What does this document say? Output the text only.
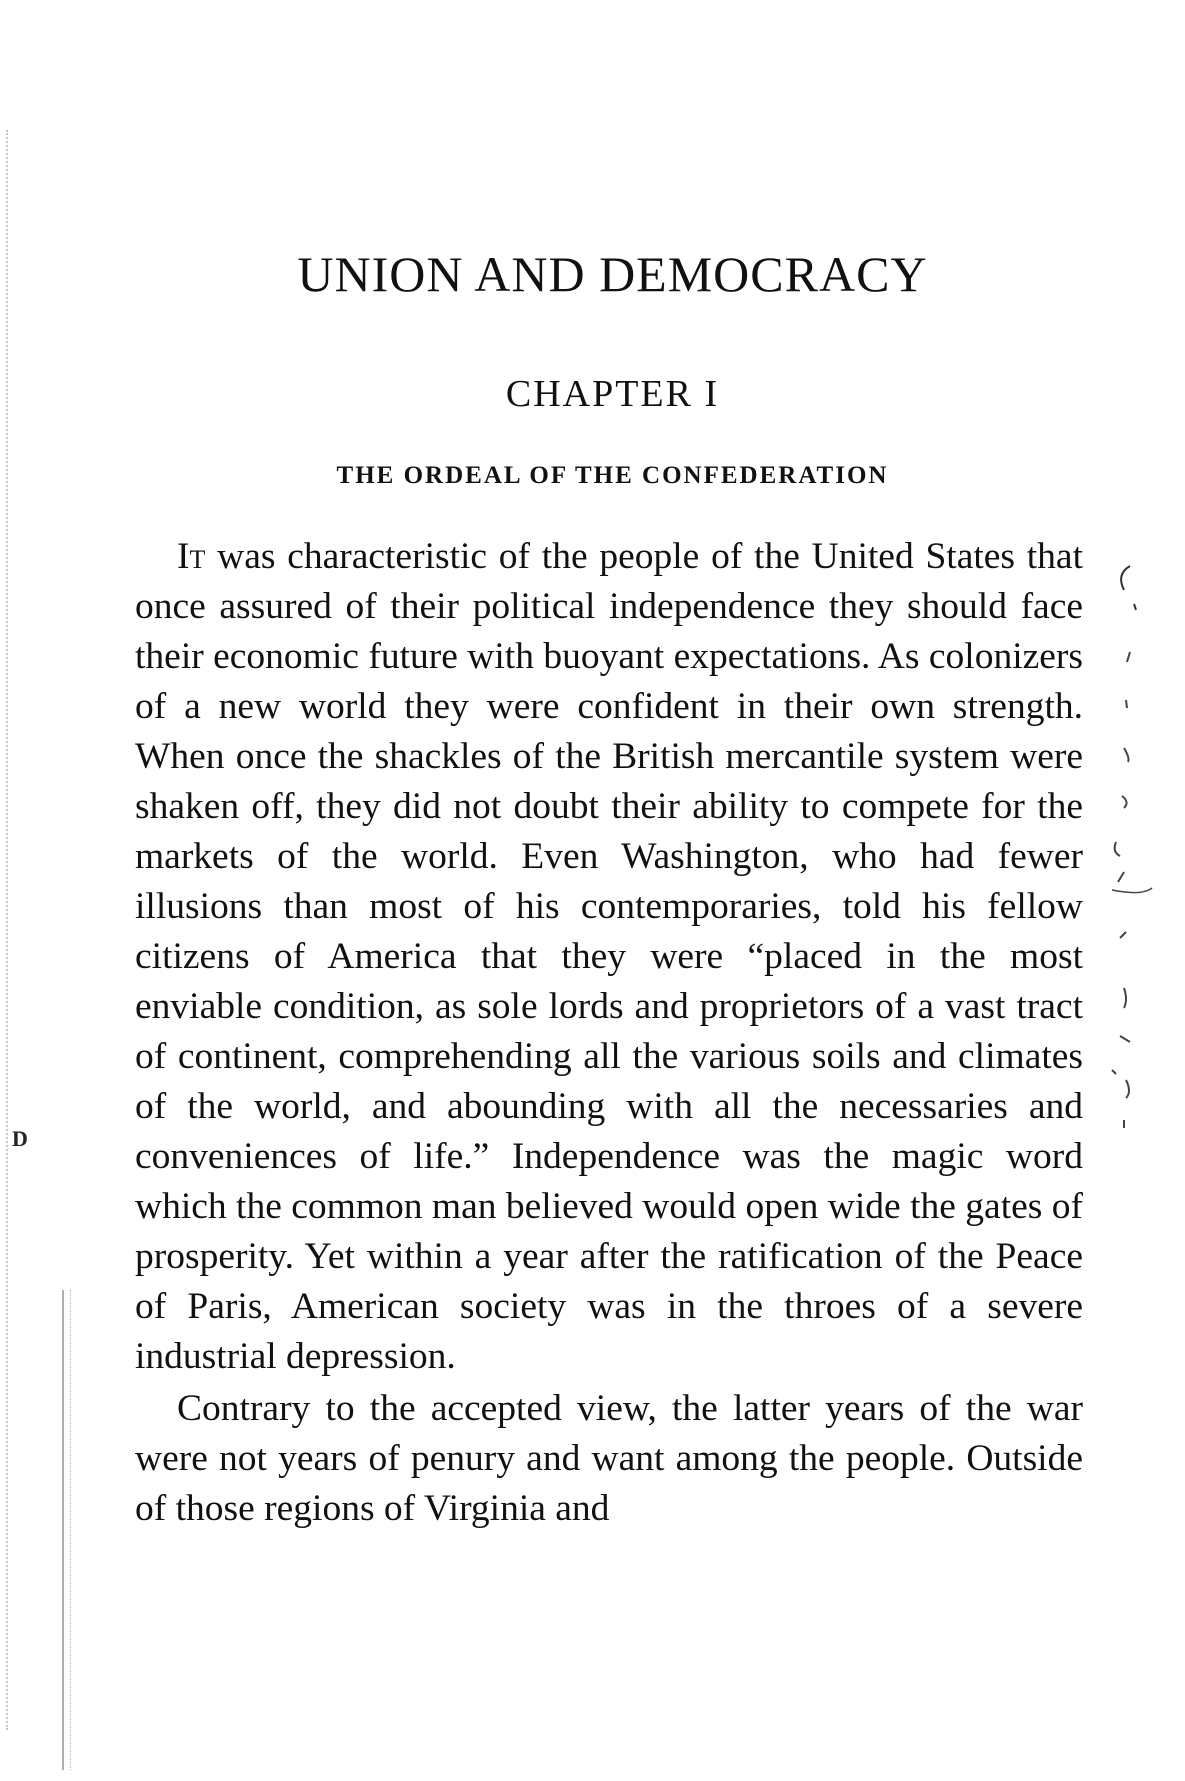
D
UNION AND DEMOCRACY
CHAPTER I
THE ORDEAL OF THE CONFEDERATION

It was characteristic of the people of the United States that once assured of their political independence they should face their economic future with buoyant expectations. As colonizers of a new world they were confident in their own strength. When once the shackles of the British mercantile system were shaken off, they did not doubt their ability to compete for the markets of the world. Even Washington, who had fewer illusions than most of his contemporaries, told his fellow citizens of America that they were “placed in the most enviable condition, as sole lords and proprietors of a vast tract of continent, comprehending all the various soils and climates of the world, and abounding with all the necessaries and conveniences of life.” Independence was the magic word which the common man believed would open wide the gates of prosperity. Yet within a year after the ratification of the Peace of Paris, American society was in the throes of a severe industrial depression.

Contrary to the accepted view, the latter years of the war were not years of penury and want among the people. Outside of those regions of Virginia and
